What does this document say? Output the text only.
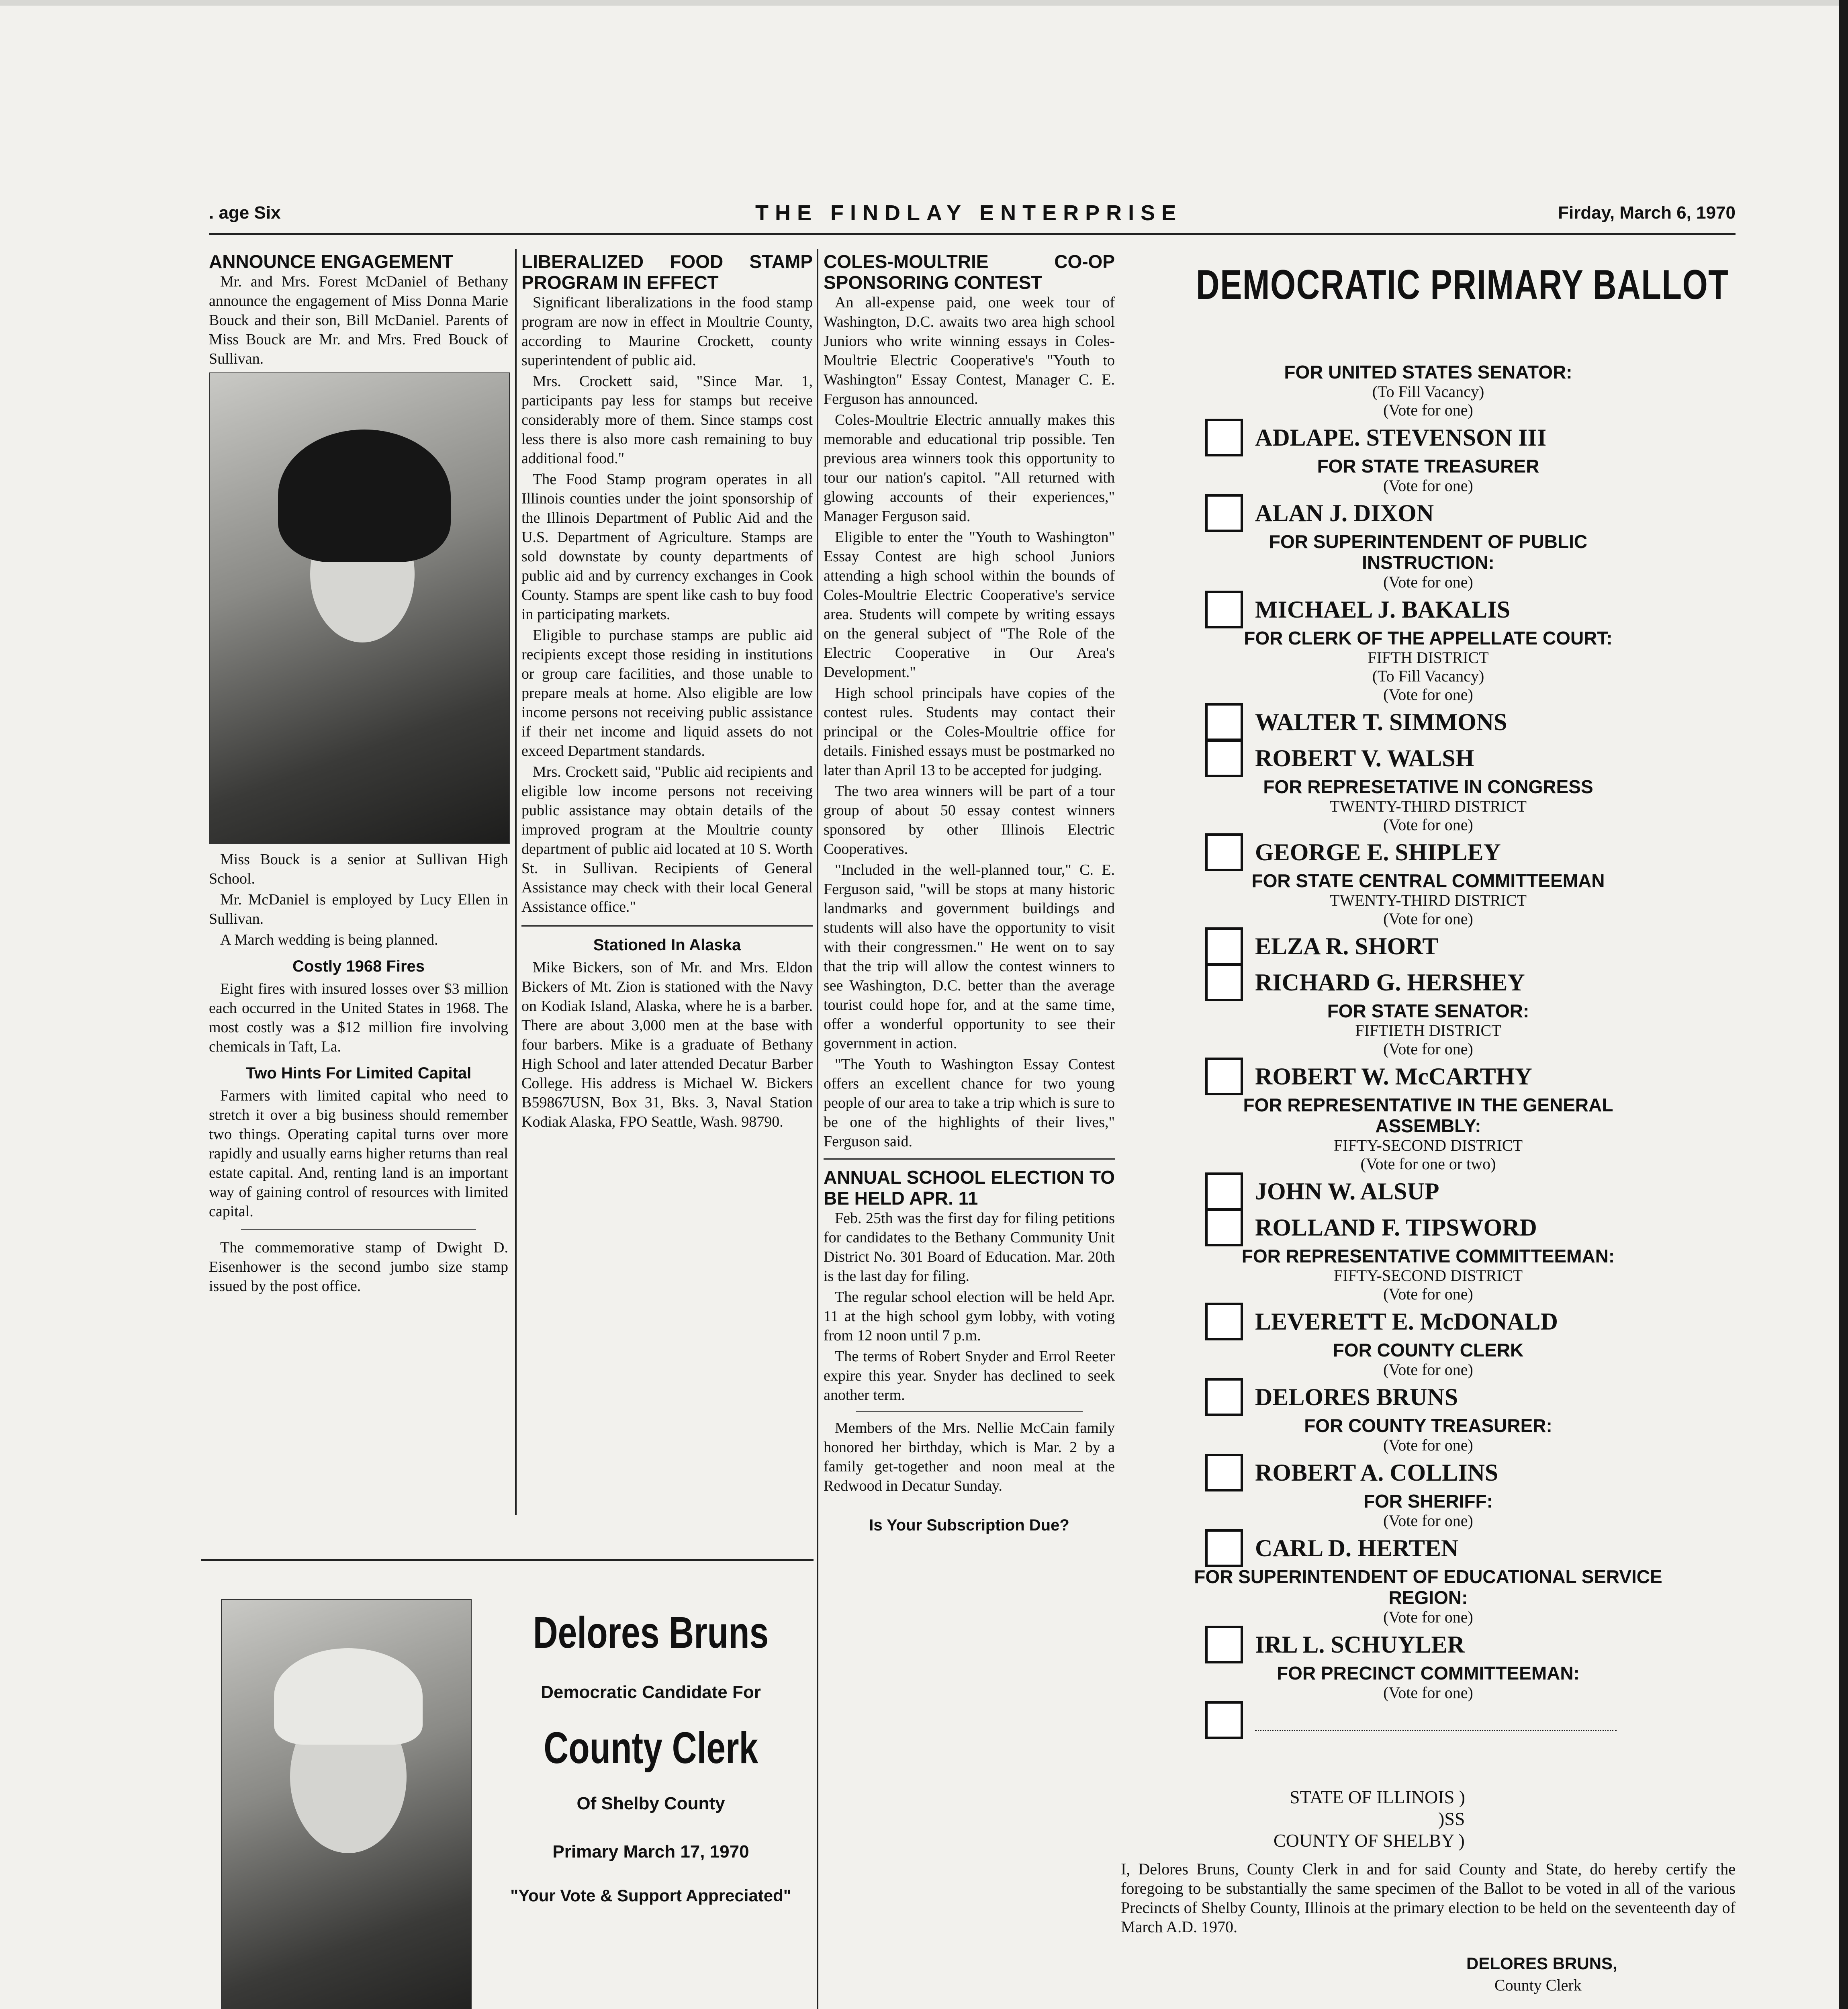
. age Six	THE FINDLAY ENTERPRISE	Firday, March 6, 1970
ANNOUNCE ENGAGEMENT

Mr. and Mrs. Forest McDaniel of Bethany announce the engagement of Miss Donna Marie Bouck and their son, Bill McDaniel. Parents of Miss Bouck are Mr. and Mrs. Fred Bouck of Sullivan.

Miss Bouck is a senior at Sullivan High School.

Mr. McDaniel is employed by Lucy Ellen in Sullivan.

A March wedding is being planned.

Costly 1968 Fires

Eight fires with insured losses over $3 million each occurred in the United States in 1968. The most costly was a $12 million fire involving chemicals in Taft, La.

Two Hints For Limited Capital

Farmers with limited capital who need to stretch it over a big business should remember two things. Operating capital turns over more rapidly and usually earns higher returns than real estate capital. And, renting land is an important way of gaining control of resources with limited capital.

The commemorative stamp of Dwight D. Eisenhower is the second jumbo size stamp issued by the post office.

LIBERALIZED FOOD STAMP PROGRAM IN EFFECT

Significant liberalizations in the food stamp program are now in effect in Moultrie County, according to Maurine Crockett, county superintendent of public aid.

Mrs. Crockett said, "Since Mar. 1, participants pay less for stamps but receive considerably more of them. Since stamps cost less there is also more cash remaining to buy additional food."

The Food Stamp program operates in all Illinois counties under the joint sponsorship of the Illinois Department of Public Aid and the U.S. Department of Agriculture. Stamps are sold downstate by county departments of public aid and by currency exchanges in Cook County. Stamps are spent like cash to buy food in participating markets.

Eligible to purchase stamps are public aid recipients except those residing in institutions or group care facilities, and those unable to prepare meals at home. Also eligible are low income persons not receiving public assistance if their net income and liquid assets do not exceed Department standards.

Mrs. Crockett said, "Public aid recipients and eligible low income persons not receiving public assistance may obtain details of the improved program at the Moultrie county department of public aid located at 10 S. Worth St. in Sullivan. Recipients of General Assistance may check with their local General Assistance office."

Stationed In Alaska

Mike Bickers, son of Mr. and Mrs. Eldon Bickers of Mt. Zion is stationed with the Navy on Kodiak Island, Alaska, where he is a barber. There are about 3,000 men at the base with four barbers. Mike is a graduate of Bethany High School and later attended Decatur Barber College. His address is Michael W. Bickers B59867USN, Box 31, Bks. 3, Naval Station Kodiak Alaska, FPO Seattle, Wash. 98790.

COLES-MOULTRIE CO-OP SPONSORING CONTEST

An all-expense paid, one week tour of Washington, D.C. awaits two area high school Juniors who write winning essays in Coles-Moultrie Electric Cooperative's "Youth to Washington" Essay Contest, Manager C. E. Ferguson has announced.

Coles-Moultrie Electric annually makes this memorable and educational trip possible. Ten previous area winners took this opportunity to tour our nation's capitol. "All returned with glowing accounts of their experiences," Manager Ferguson said.

Eligible to enter the "Youth to Washington" Essay Contest are high school Juniors attending a high school within the bounds of Coles-Moultrie Electric Cooperative's service area. Students will compete by writing essays on the general subject of "The Role of the Electric Cooperative in Our Area's Development."

High school principals have copies of the contest rules. Students may contact their principal or the Coles-Moultrie office for details. Finished essays must be postmarked no later than April 13 to be accepted for judging.

The two area winners will be part of a tour group of about 50 essay contest winners sponsored by other Illinois Electric Cooperatives.

"Included in the well-planned tour," C. E. Ferguson said, "will be stops at many historic landmarks and government buildings and students will also have the opportunity to visit with their congressmen." He went on to say that the trip will allow the contest winners to see Washington, D.C. better than the average tourist could hope for, and at the same time, offer a wonderful opportunity to see their government in action.

"The Youth to Washington Essay Contest offers an excellent chance for two young people of our area to take a trip which is sure to be one of the highlights of their lives," Ferguson said.

ANNUAL SCHOOL ELECTION TO BE HELD APR. 11

Feb. 25th was the first day for filing petitions for candidates to the Bethany Community Unit District No. 301 Board of Education. Mar. 20th is the last day for filing.

The regular school election will be held Apr. 11 at the high school gym lobby, with voting from 12 noon until 7 p.m.

The terms of Robert Snyder and Errol Reeter expire this year. Snyder has declined to seek another term.

Members of the Mrs. Nellie McCain family honored her birthday, which is Mar. 2 by a family get-together and noon meal at the Redwood in Decatur Sunday.

Is Your Subscription Due?
Delores Bruns
Democratic Candidate For
County Clerk
Of Shelby County
Primary March 17, 1970
"Your Vote & Support Appreciated"
DEMOCRATIC PRIMARY BALLOT
FOR UNITED STATES SENATOR:
(To Fill Vacancy)
(Vote for one)
ADLAPE. STEVENSON III
FOR STATE TREASURER
(Vote for one)
ALAN J. DIXON
FOR SUPERINTENDENT OF PUBLIC INSTRUCTION:
(Vote for one)
MICHAEL J. BAKALIS
FOR CLERK OF THE APPELLATE COURT:
FIFTH DISTRICT
(To Fill Vacancy)
(Vote for one)
WALTER T. SIMMONS
ROBERT V. WALSH
FOR REPRESETATIVE IN CONGRESS
TWENTY-THIRD DISTRICT
(Vote for one)
GEORGE E. SHIPLEY
FOR STATE CENTRAL COMMITTEEMAN
TWENTY-THIRD DISTRICT
(Vote for one)
ELZA R. SHORT
RICHARD G. HERSHEY
FOR STATE SENATOR:
FIFTIETH DISTRICT
(Vote for one)
ROBERT W. McCARTHY
FOR REPRESENTATIVE IN THE GENERAL ASSEMBLY:
FIFTY-SECOND DISTRICT
(Vote for one or two)
JOHN W. ALSUP
ROLLAND F. TIPSWORD
FOR REPRESENTATIVE COMMITTEEMAN:
FIFTY-SECOND DISTRICT
(Vote for one)
LEVERETT E. McDONALD
FOR COUNTY CLERK
(Vote for one)
DELORES BRUNS
FOR COUNTY TREASURER:
(Vote for one)
ROBERT A. COLLINS
FOR SHERIFF:
(Vote for one)
CARL D. HERTEN
FOR SUPERINTENDENT OF EDUCATIONAL SERVICE REGION:
(Vote for one)
IRL L. SCHUYLER
FOR PRECINCT COMMITTEEMAN:
(Vote for one)
STATE OF ILLINOIS )
)SS
COUNTY OF SHELBY )
I, Delores Bruns, County Clerk in and for said County and State, do hereby certify the foregoing to be substantially the same specimen of the Ballot to be voted in all of the various Precincts of Shelby County, Illinois at the primary election to be held on the seventeenth day of March A.D. 1970.
DELORES BRUNS,
County Clerk
